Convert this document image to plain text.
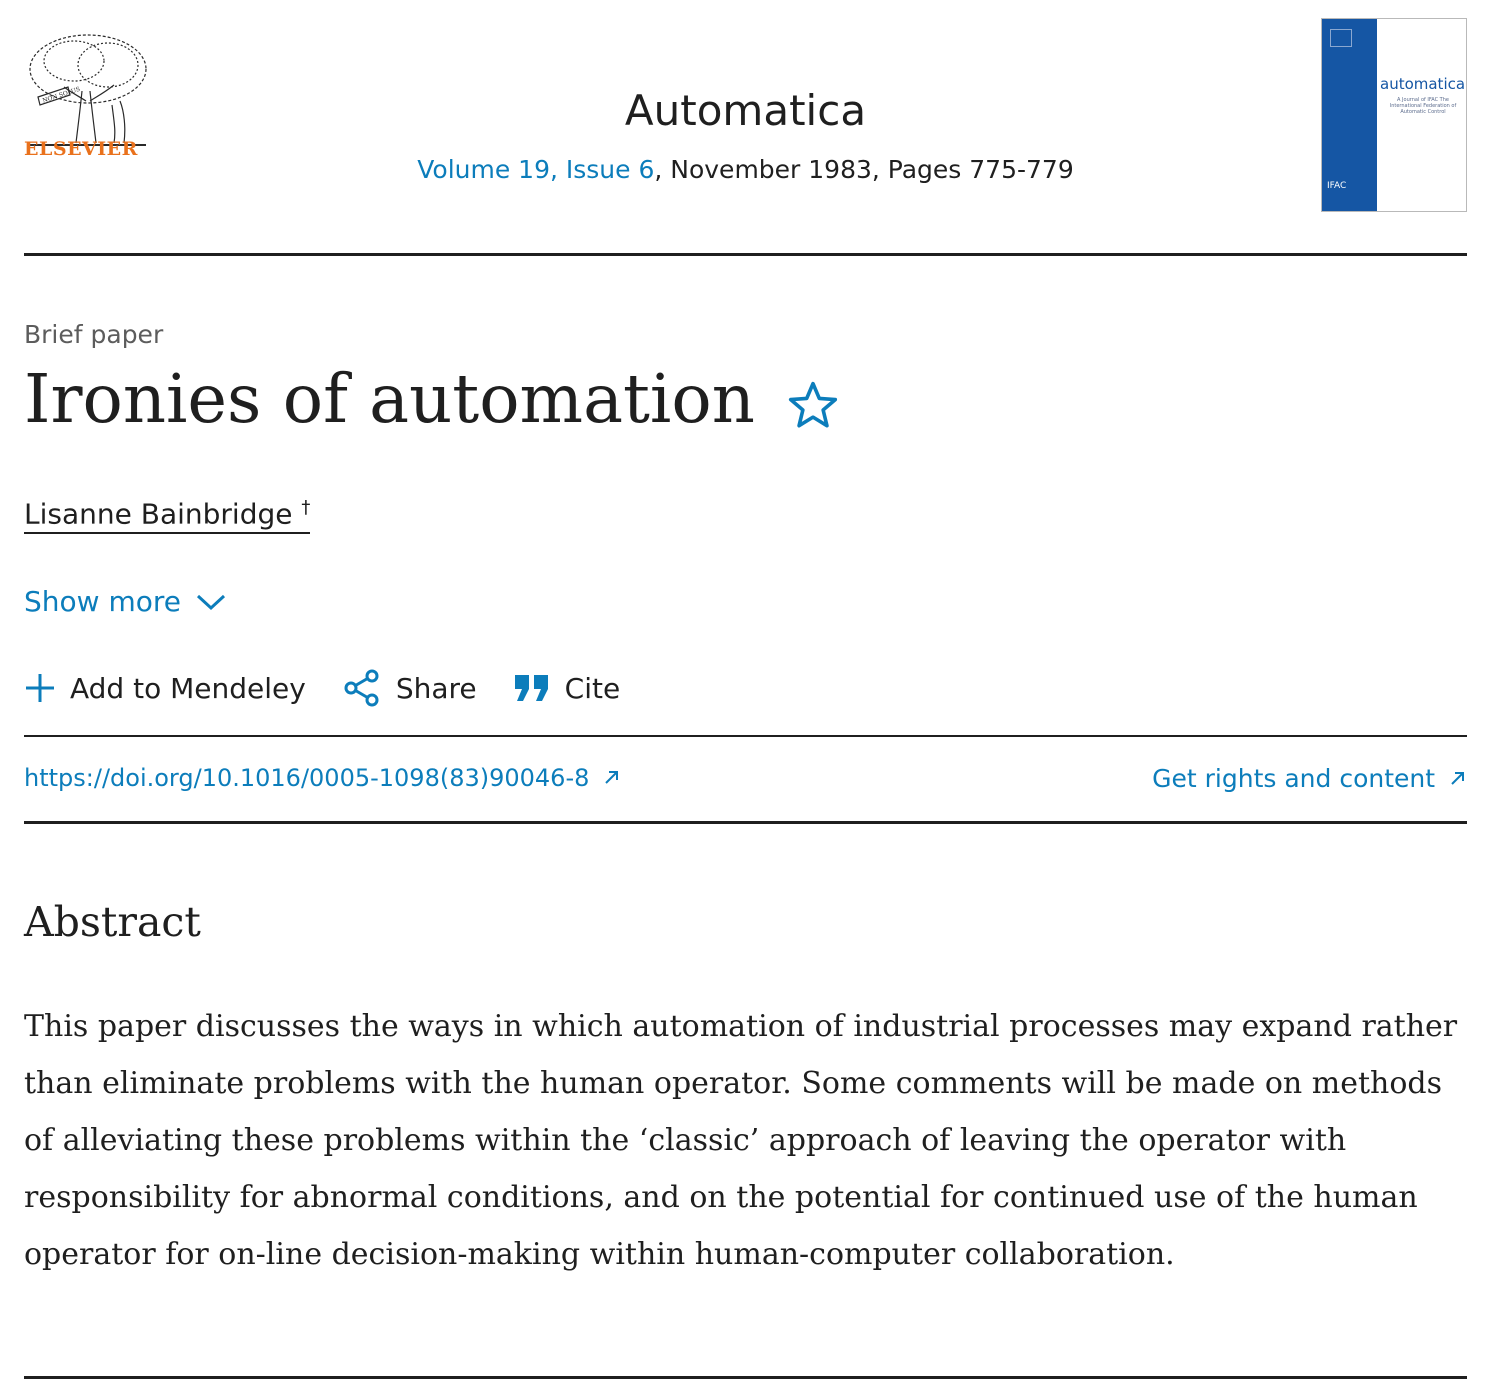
NON SOLUS
ELSEVIER
Automatica
Volume 19, Issue 6, November 1983, Pages 775-779
IFAC
automatica
A Journal of IFAC The International Federation of Automatic Control
Brief paper
Ironies of automation
Lisanne Bainbridge †
Show more
Add to Mendeley	Share	Cite
https://doi.org/10.1016/0005-1098(83)90046-8	Get rights and content
Abstract
This paper discusses the ways in which automation of industrial processes may expand rather than eliminate problems with the human operator. Some comments will be made on methods of alleviating these problems within the ‘classic’ approach of leaving the operator with responsibility for abnormal conditions, and on the potential for continued use of the human operator for on-line decision-making within human-computer collaboration.
